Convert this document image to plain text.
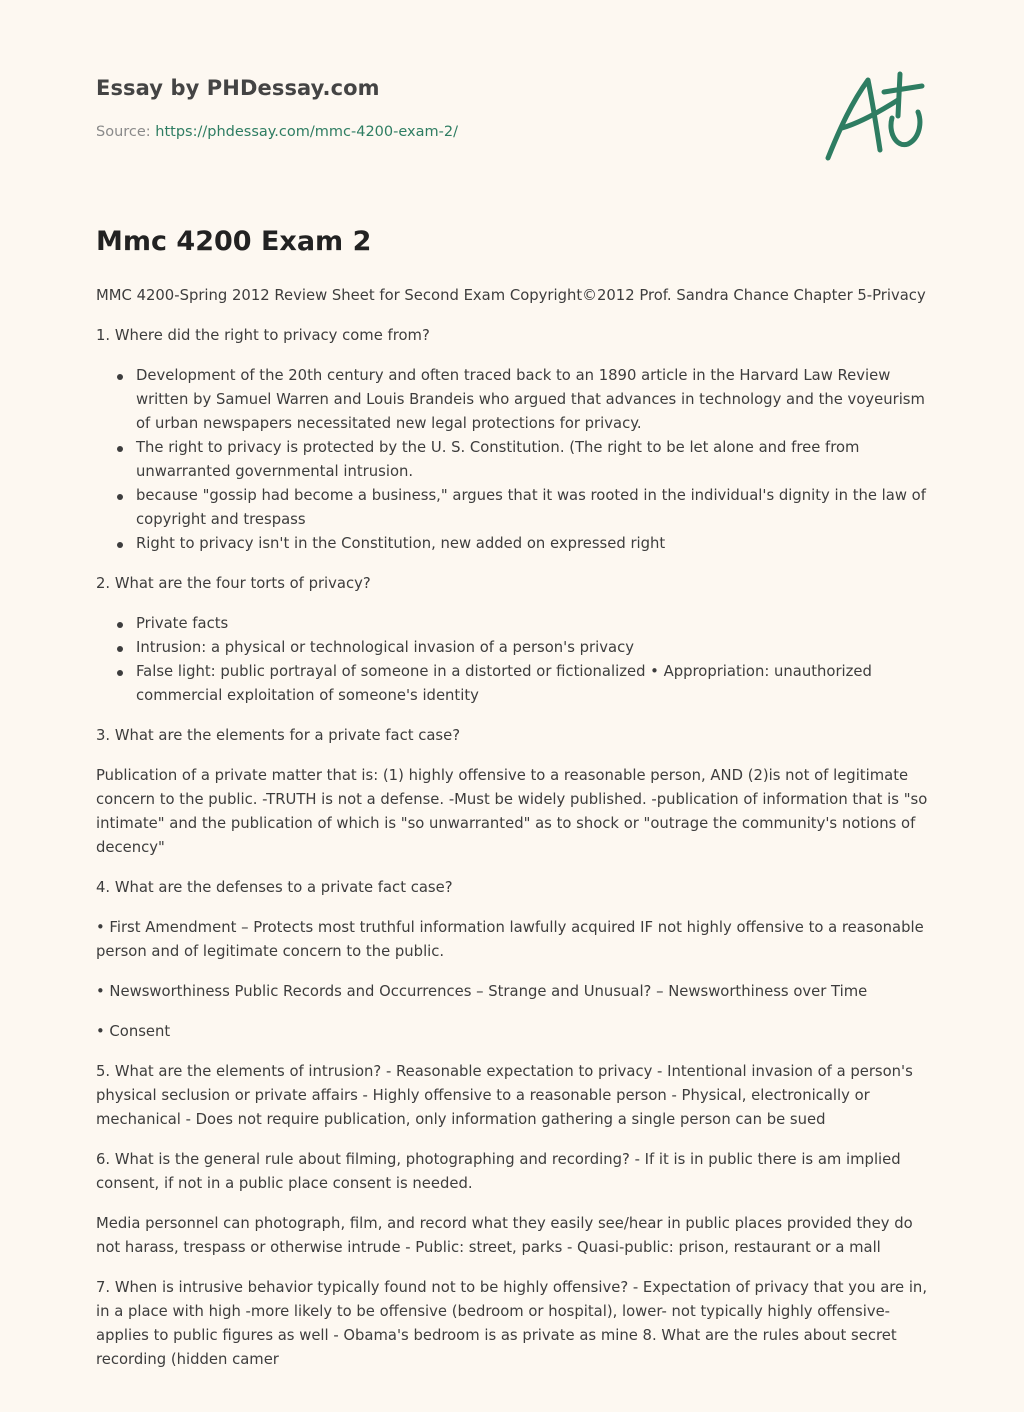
Essay by PHDessay.com
Source: https://phdessay.com/mmc-4200-exam-2/
Mmc 4200 Exam 2

MMC 4200-Spring 2012 Review Sheet for Second Exam Copyright©2012 Prof. Sandra Chance Chapter 5-Privacy

1. Where did the right to privacy come from?

Development of the 20th century and often traced back to an 1890 article in the Harvard Law Review written by Samuel Warren and Louis Brandeis who argued that advances in technology and the voyeurism of urban newspapers necessitated new legal protections for privacy.
The right to privacy is protected by the U. S. Constitution. (The right to be let alone and free from unwarranted governmental intrusion.
because "gossip had become a business," argues that it was rooted in the individual's dignity in the law of copyright and trespass
Right to privacy isn't in the Constitution, new added on expressed right

2. What are the four torts of privacy?

Private facts
Intrusion: a physical or technological invasion of a person's privacy
False light: public portrayal of someone in a distorted or fictionalized • Appropriation: unauthorized commercial exploitation of someone's identity

3. What are the elements for a private fact case?

Publication of a private matter that is: (1) highly offensive to a reasonable person, AND (2)is not of legitimate concern to the public. -TRUTH is not a defense. -Must be widely published. -publication of information that is "so intimate" and the publication of which is "so unwarranted" as to shock or "outrage the community's notions of decency"

4. What are the defenses to a private fact case?

• First Amendment – Protects most truthful information lawfully acquired IF not highly offensive to a reasonable person and of legitimate concern to the public.

• Newsworthiness Public Records and Occurrences – Strange and Unusual? – Newsworthiness over Time

• Consent

5. What are the elements of intrusion? - Reasonable expectation to privacy - Intentional invasion of a person's physical seclusion or private affairs - Highly offensive to a reasonable person - Physical, electronically or mechanical - Does not require publication, only information gathering a single person can be sued

6. What is the general rule about filming, photographing and recording? - If it is in public there is am implied consent, if not in a public place consent is needed.

Media personnel can photograph, film, and record what they easily see/hear in public places provided they do not harass, trespass or otherwise intrude - Public: street, parks - Quasi-public: prison, restaurant or a mall

7. When is intrusive behavior typically found not to be highly offensive? - Expectation of privacy that you are in, in a place with high -more likely to be offensive (bedroom or hospital), lower- not typically highly offensive- applies to public figures as well - Obama's bedroom is as private as mine 8. What are the rules about secret recording (hidden camer
